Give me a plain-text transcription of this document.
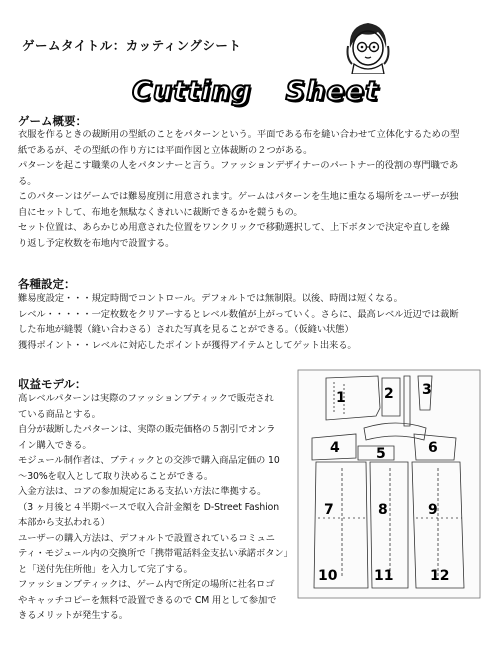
ゲームタイトル：カッティングシート
Cutting Sheet
ゲーム概要：
衣服を作るときの裁断用の型紙のことをパターンという。平面である布を縫い合わせて立体化するための型
紙であるが、その型紙の作り方には平面作図と立体裁断の２つがある。
パターンを起こす職業の人をパタンナーと言う。ファッションデザイナーのパートナー的役割の専門職であ
る。
このパターンはゲームでは難易度別に用意されます。ゲームはパターンを生地に重なる場所をユーザーが独
自にセットして、布地を無駄なくきれいに裁断できるかを競うもの。
セット位置は、あらかじめ用意された位置をワンクリックで移動選択して、上下ボタンで決定や直しを繰
り返し予定枚数を布地内で設置する。
各種設定：
難易度設定・・・規定時間でコントロール。デフォルトでは無制限。以後、時間は短くなる。
レベル・・・・・一定枚数をクリアーするとレベル数値が上がっていく。さらに、最高レベル近辺では裁断
した布地が縫製（縫い合わさる）された写真を見ることができる。（仮縫い状態）
獲得ポイント・・レベルに対応したポイントが獲得アイテムとしてゲット出来る。
収益モデル：
高レベルパターンは実際のファッションブティックで販売され
ている商品とする。
自分が裁断したパターンは、実際の販売価格の５割引でオンラ
イン購入できる。
モジュール制作者は、ブティックとの交渉で購入商品定価の 10
～30%を収入として取り決めることができる。
入金方法は、コアの参加規定にある支払い方法に準拠する。
（3 ヶ月後と４半期ベースで収入合計金額を D-Street Fashion
本部から支払われる）
ユーザーの購入方法は、デフォルトで設置されているコミュニ
ティ・モジュール内の交換所で「携帯電話料金支払い承諾ボタン」
と「送付先住所他」を入力して完了する。
ファッションブティックは、ゲーム内で所定の場所に社名ロゴ
やキャッチコピーを無料で設置できるので CM 用として参加で
きるメリットが発生する。
1	2 3
4	5	6
7	8	9
10	11	12
